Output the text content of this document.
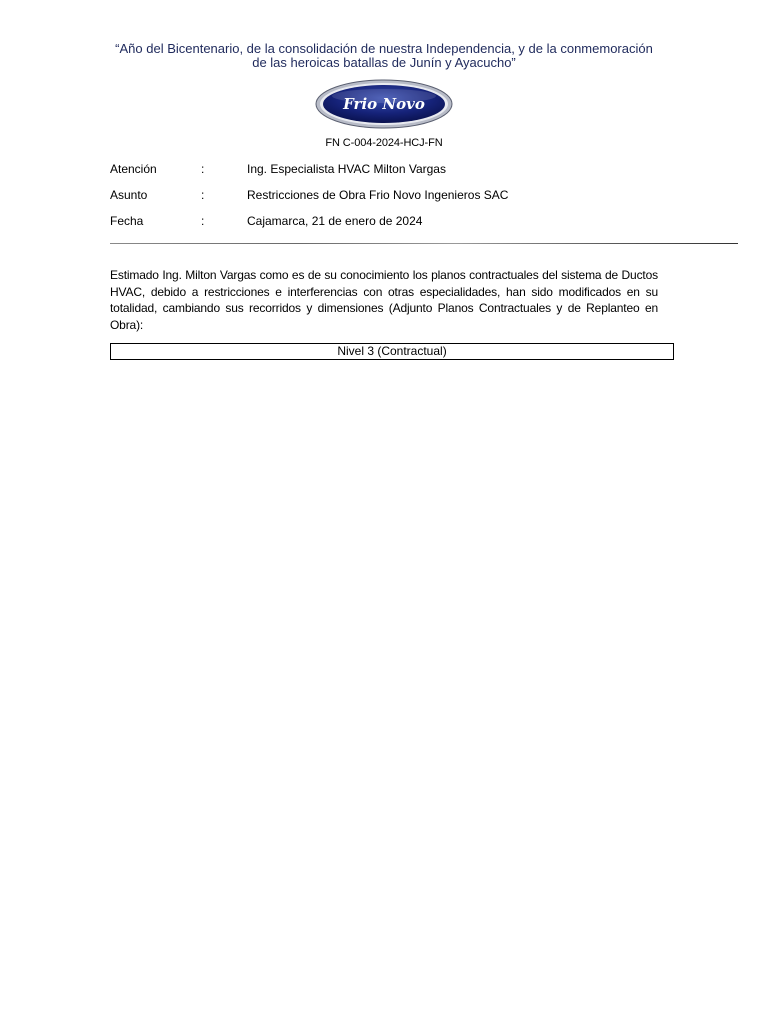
“Año del Bicentenario, de la consolidación de nuestra Independencia, y de la conmemoración
de las heroicas batallas de Junín y Ayacucho”
Frio Novo
FN C-004-2024-HCJ-FN
Atención	:	Ing. Especialista HVAC Milton Vargas
Asunto	:	Restricciones de Obra Frio Novo Ingenieros SAC
Fecha	:	Cajamarca, 21 de enero de 2024
Estimado Ing. Milton Vargas como es de su conocimiento los planos contractuales del sistema de Ductos HVAC, debido a restricciones e interferencias con otras especialidades, han sido modificados en su totalidad, cambiando sus recorridos y dimensiones (Adjunto Planos Contractuales y de Replanteo en Obra):
Nivel 3 (Contractual)
